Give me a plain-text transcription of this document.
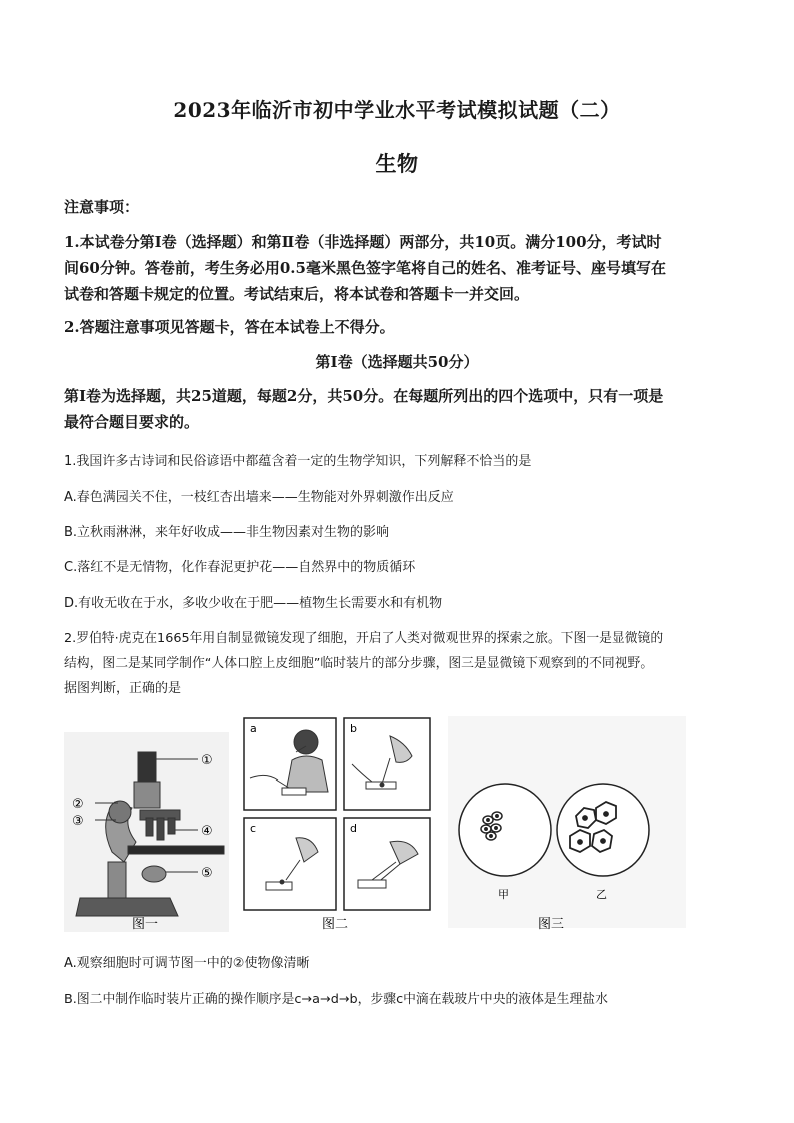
2023年临沂市初中学业水平考试模拟试题（二）
生物
注意事项：
1.本试卷分第Ⅰ卷（选择题）和第Ⅱ卷（非选择题）两部分，共10页。满分100分，考试时
间60分钟。答卷前，考生务必用0.5毫米黑色签字笔将自己的姓名、准考证号、座号填写在
试卷和答题卡规定的位置。考试结束后，将本试卷和答题卡一并交回。
2.答题注意事项见答题卡，答在本试卷上不得分。
第Ⅰ卷（选择题共50分）
第Ⅰ卷为选择题，共25道题，每题2分，共50分。在每题所列出的四个选项中，只有一项是
最符合题目要求的。
1.我国许多古诗词和民俗谚语中都蕴含着一定的生物学知识，下列解释不恰当的是
A.春色满园关不住，一枝红杏出墙来——生物能对外界刺激作出反应
B.立秋雨淋淋，来年好收成——非生物因素对生物的影响
C.落红不是无情物，化作春泥更护花——自然界中的物质循环
D.有收无收在于水，多收少收在于肥——植物生长需要水和有机物
2.罗伯特·虎克在1665年用自制显微镜发现了细胞，开启了人类对微观世界的探索之旅。下图一是显微镜的
结构，图二是某同学制作“人体口腔上皮细胞”临时装片的部分步骤，图三是显微镜下观察到的不同视野。
据图判断，正确的是
①
②
③
④
⑤
a	b
c	d
甲	乙
图一	图二	图三
A.观察细胞时可调节图一中的②使物像清晰
B.图二中制作临时装片正确的操作顺序是c→a→d→b，步骤c中滴在载玻片中央的液体是生理盐水
